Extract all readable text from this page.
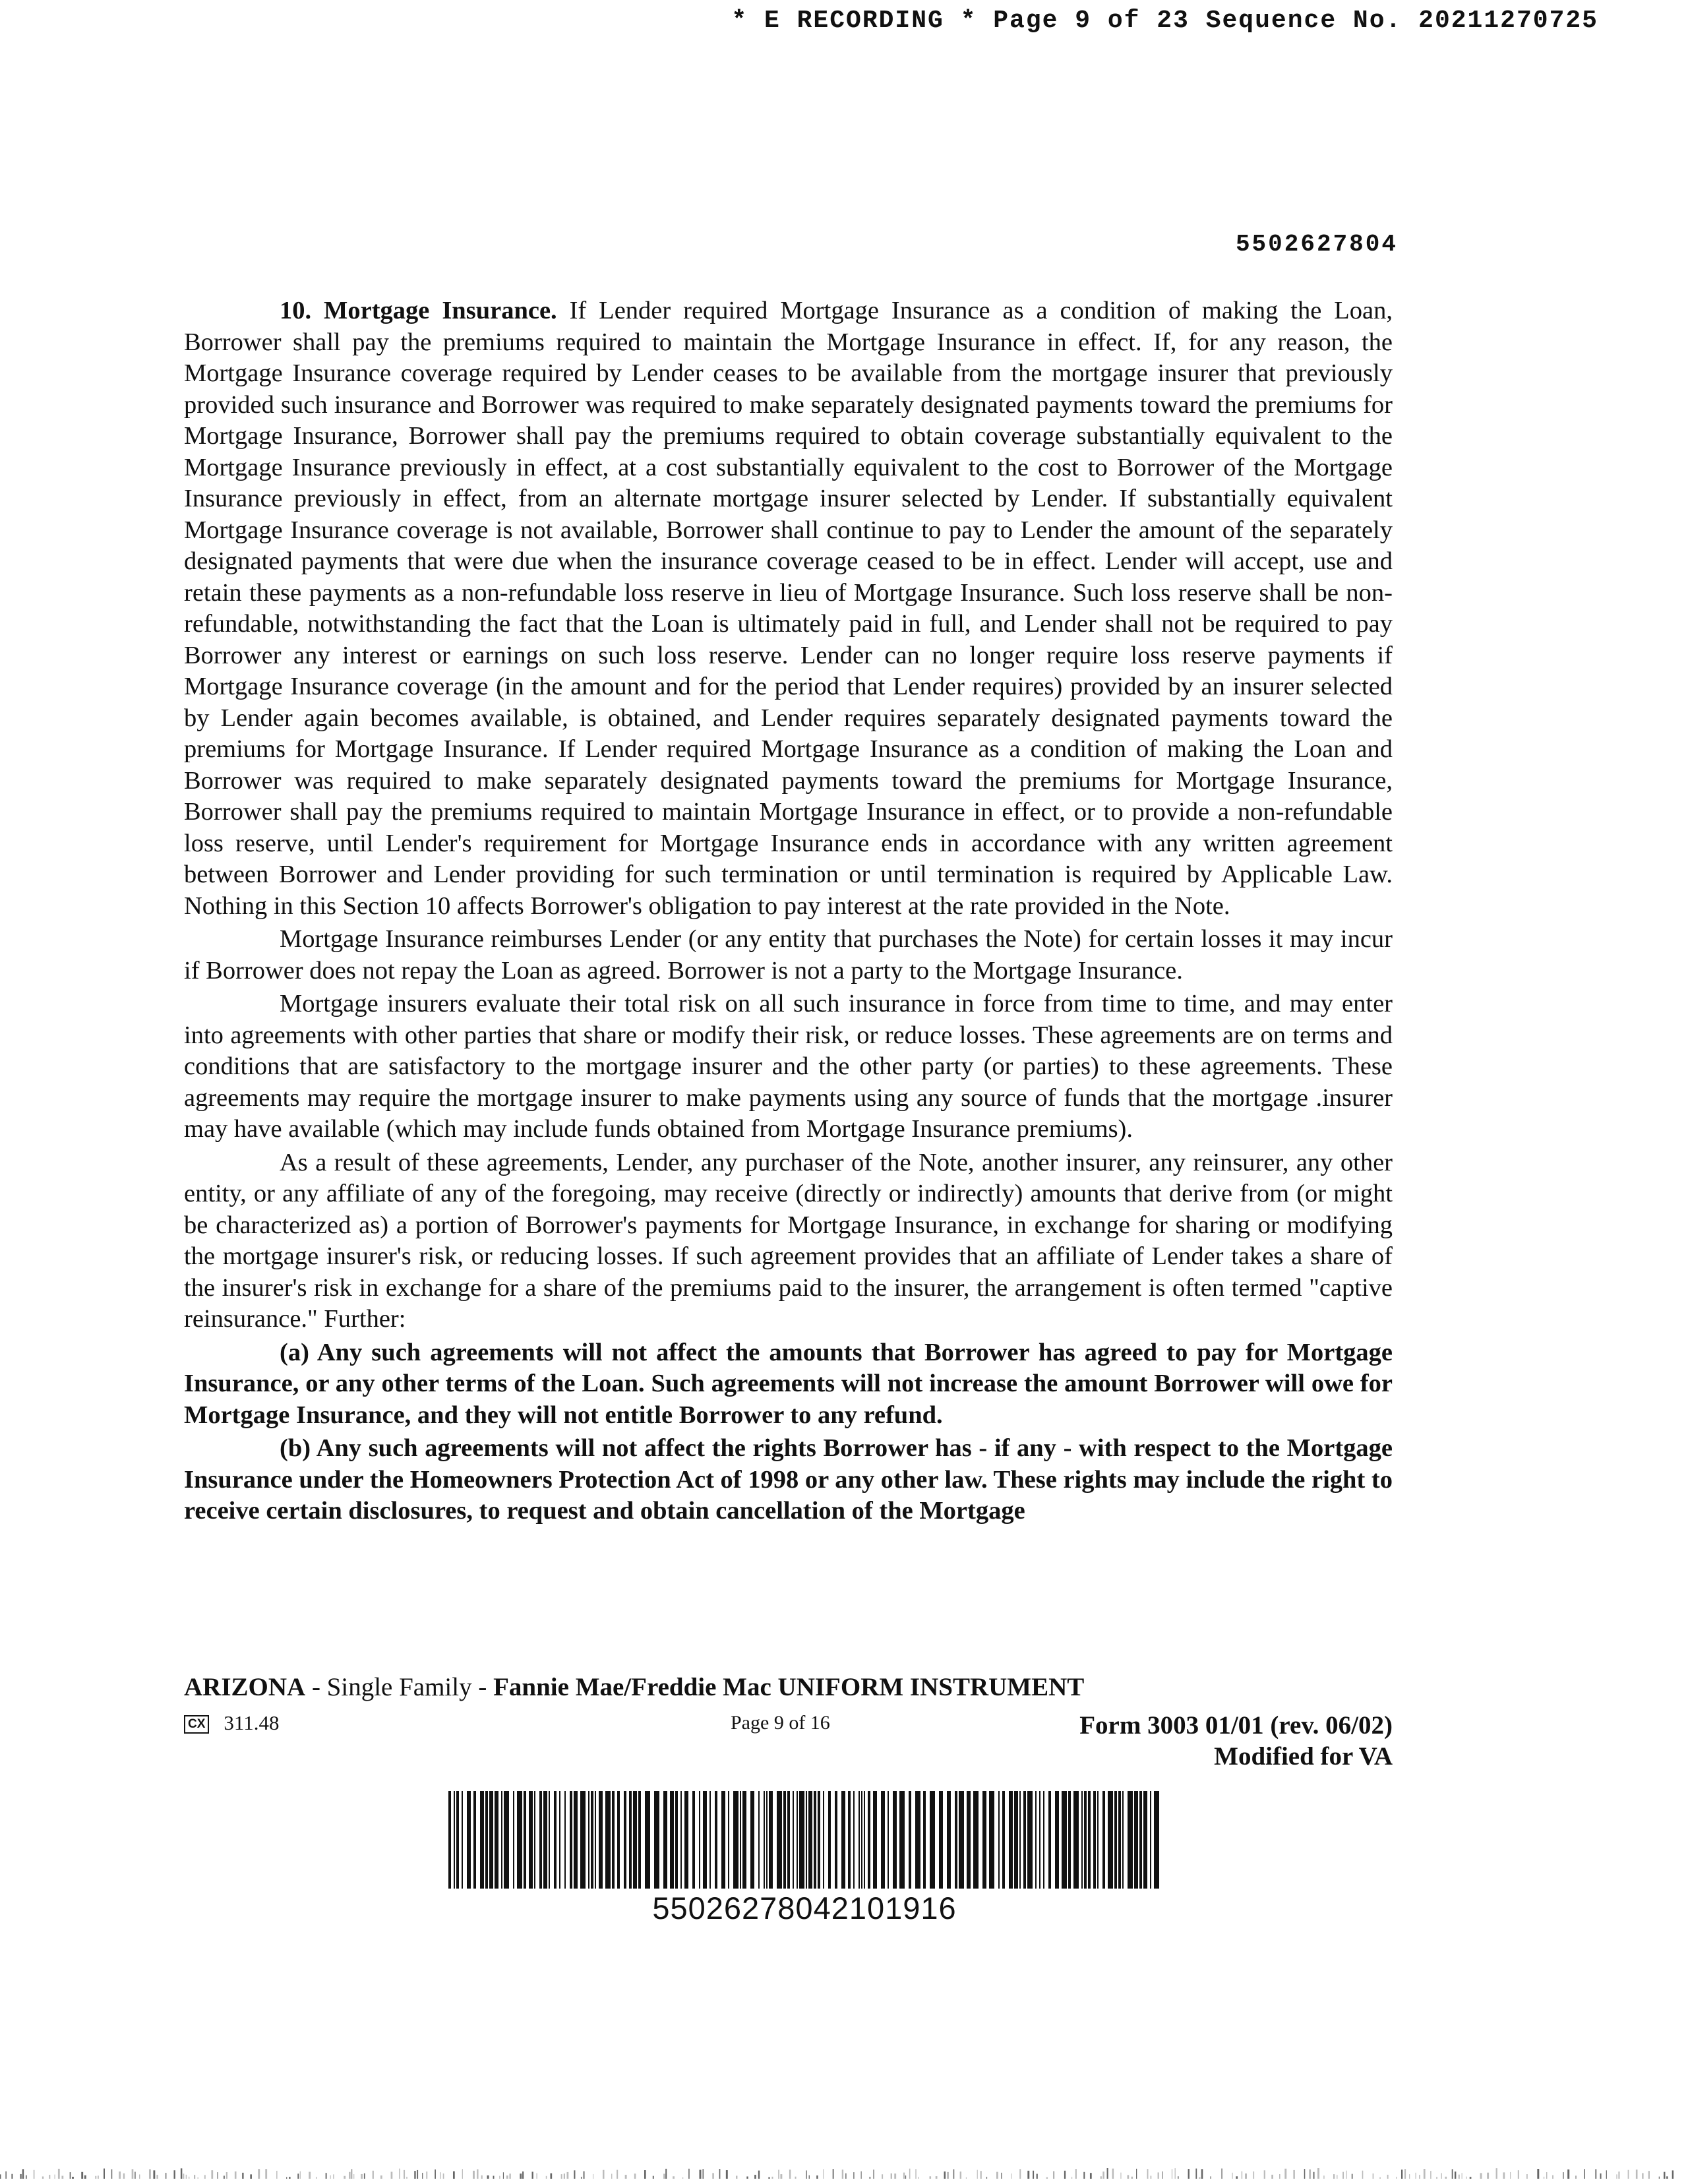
* E RECORDING * Page 9 of 23 Sequence No. 20211270725
5502627804

10. Mortgage Insurance. If Lender required Mortgage Insurance as a condition of making the Loan, Borrower shall pay the premiums required to maintain the Mortgage Insurance in effect. If, for any reason, the Mortgage Insurance coverage required by Lender ceases to be available from the mortgage insurer that previously provided such insurance and Borrower was required to make separately designated payments toward the premiums for Mortgage Insurance, Borrower shall pay the premiums required to obtain coverage substantially equivalent to the Mortgage Insurance previously in effect, at a cost substantially equivalent to the cost to Borrower of the Mortgage Insurance previously in effect, from an alternate mortgage insurer selected by Lender. If substantially equivalent Mortgage Insurance coverage is not available, Borrower shall continue to pay to Lender the amount of the separately designated payments that were due when the insurance coverage ceased to be in effect. Lender will accept, use and retain these payments as a non-refundable loss reserve in lieu of Mortgage Insurance. Such loss reserve shall be non-refundable, notwithstanding the fact that the Loan is ultimately paid in full, and Lender shall not be required to pay Borrower any interest or earnings on such loss reserve. Lender can no longer require loss reserve payments if Mortgage Insurance coverage (in the amount and for the period that Lender requires) provided by an insurer selected by Lender again becomes available, is obtained, and Lender requires separately designated payments toward the premiums for Mortgage Insurance. If Lender required Mortgage Insurance as a condition of making the Loan and Borrower was required to make separately designated payments toward the premiums for Mortgage Insurance, Borrower shall pay the premiums required to maintain Mortgage Insurance in effect, or to provide a non-refundable loss reserve, until Lender's requirement for Mortgage Insurance ends in accordance with any written agreement between Borrower and Lender providing for such termination or until termination is required by Applicable Law. Nothing in this Section 10 affects Borrower's obligation to pay interest at the rate provided in the Note.

Mortgage Insurance reimburses Lender (or any entity that purchases the Note) for certain losses it may incur if Borrower does not repay the Loan as agreed. Borrower is not a party to the Mortgage Insurance.

Mortgage insurers evaluate their total risk on all such insurance in force from time to time, and may enter into agreements with other parties that share or modify their risk, or reduce losses. These agreements are on terms and conditions that are satisfactory to the mortgage insurer and the other party (or parties) to these agreements. These agreements may require the mortgage insurer to make payments using any source of funds that the mortgage .insurer may have available (which may include funds obtained from Mortgage Insurance premiums).

As a result of these agreements, Lender, any purchaser of the Note, another insurer, any reinsurer, any other entity, or any affiliate of any of the foregoing, may receive (directly or indirectly) amounts that derive from (or might be characterized as) a portion of Borrower's payments for Mortgage Insurance, in exchange for sharing or modifying the mortgage insurer's risk, or reducing losses. If such agreement provides that an affiliate of Lender takes a share of the insurer's risk in exchange for a share of the premiums paid to the insurer, the arrangement is often termed "captive reinsurance." Further:

(a) Any such agreements will not affect the amounts that Borrower has agreed to pay for Mortgage Insurance, or any other terms of the Loan. Such agreements will not increase the amount Borrower will owe for Mortgage Insurance, and they will not entitle Borrower to any refund.

(b) Any such agreements will not affect the rights Borrower has - if any - with respect to the Mortgage Insurance under the Homeowners Protection Act of 1998 or any other law. These rights may include the right to receive certain disclosures, to request and obtain cancellation of the Mortgage

ARIZONA - Single Family - Fannie Mae/Freddie Mac UNIFORM INSTRUMENT
CX 311.48	Page 9 of 16	Form 3003 01/01 (rev. 06/02)
Modified for VA
55026278042101916
